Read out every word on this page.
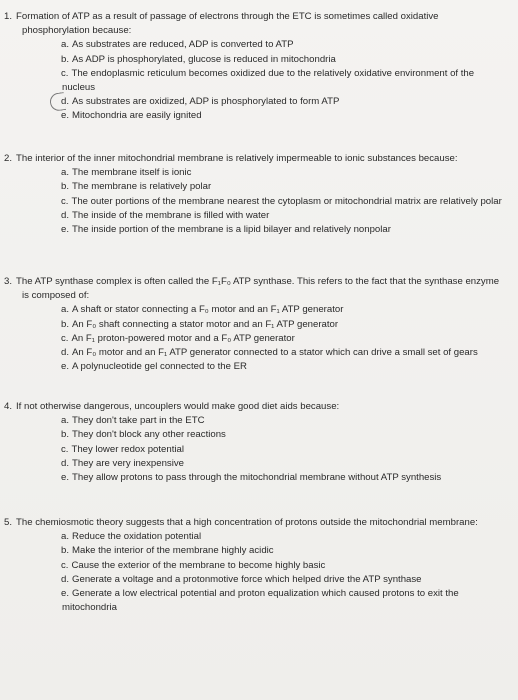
1. Formation of ATP as a result of passage of electrons through the ETC is sometimes called oxidative phosphorylation because:
a. As substrates are reduced, ADP is converted to ATP
b. As ADP is phosphorylated, glucose is reduced in mitochondria
c. The endoplasmic reticulum becomes oxidized due to the relatively oxidative environment of the nucleus
d. As substrates are oxidized, ADP is phosphorylated to form ATP
e. Mitochondria are easily ignited
2. The interior of the inner mitochondrial membrane is relatively impermeable to ionic substances because:
a. The membrane itself is ionic
b. The membrane is relatively polar
c. The outer portions of the membrane nearest the cytoplasm or mitochondrial matrix are relatively polar
d. The inside of the membrane is filled with water
e. The inside portion of the membrane is a lipid bilayer and relatively nonpolar
3. The ATP synthase complex is often called the F₁F₀ ATP synthase. This refers to the fact that the synthase enzyme is composed of:
a. A shaft or stator connecting a F₀ motor and an F₁ ATP generator
b. An F₀ shaft connecting a stator motor and an F₁ ATP generator
c. An F₁ proton-powered motor and a F₀ ATP generator
d. An F₀ motor and an F₁ ATP generator connected to a stator which can drive a small set of gears
e. A polynucleotide gel connected to the ER
4. If not otherwise dangerous, uncouplers would make good diet aids because:
a. They don't take part in the ETC
b. They don't block any other reactions
c. They lower redox potential
d. They are very inexpensive
e. They allow protons to pass through the mitochondrial membrane without ATP synthesis
5. The chemiosmotic theory suggests that a high concentration of protons outside the mitochondrial membrane:
a. Reduce the oxidation potential
b. Make the interior of the membrane highly acidic
c. Cause the exterior of the membrane to become highly basic
d. Generate a voltage and a protonmotive force which helped drive the ATP synthase
e. Generate a low electrical potential and proton equalization which caused protons to exit the mitochondria
